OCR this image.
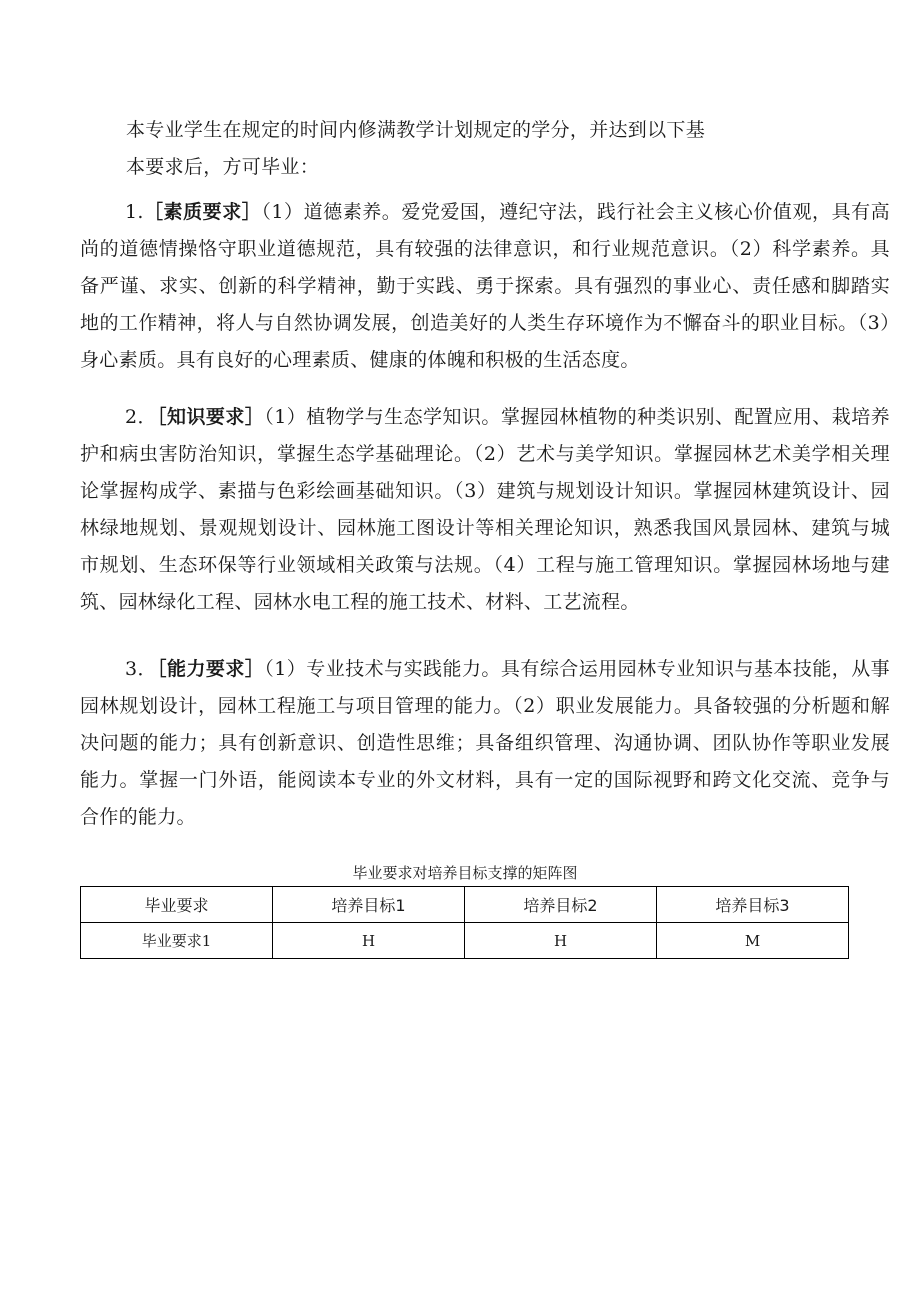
本专业学生在规定的时间内修满教学计划规定的学分，并达到以下基

本要求后，方可毕业：

1.［素质要求］（1）道德素养。爱党爱国，遵纪守法，践行社会主义核心价值观，具有高尚的道德情操恪守职业道德规范，具有较强的法律意识，和行业规范意识。（2）科学素养。具备严谨、求实、创新的科学精神，勤于实践、勇于探索。具有强烈的事业心、责任感和脚踏实地的工作精神，将人与自然协调发展，创造美好的人类生存环境作为不懈奋斗的职业目标。（3）身心素质。具有良好的心理素质、健康的体魄和积极的生活态度。

2．［知识要求］（1）植物学与生态学知识。掌握园林植物的种类识别、配置应用、栽培养护和病虫害防治知识，掌握生态学基础理论。（2）艺术与美学知识。掌握园林艺术美学相关理论掌握构成学、素描与色彩绘画基础知识。（3）建筑与规划设计知识。掌握园林建筑设计、园林绿地规划、景观规划设计、园林施工图设计等相关理论知识，熟悉我国风景园林、建筑与城市规划、生态环保等行业领域相关政策与法规。（4）工程与施工管理知识。掌握园林场地与建筑、园林绿化工程、园林水电工程的施工技术、材料、工艺流程。

3．［能力要求］（1）专业技术与实践能力。具有综合运用园林专业知识与基本技能，从事园林规划设计，园林工程施工与项目管理的能力。（2）职业发展能力。具备较强的分析题和解决问题的能力；具有创新意识、创造性思维；具备组织管理、沟通协调、团队协作等职业发展能力。掌握一门外语，能阅读本专业的外文材料，具有一定的国际视野和跨文化交流、竞争与合作的能力。

毕业要求对培养目标支撑的矩阵图
毕业要求	培养目标1	培养目标2	培养目标3
毕业要求1	H	H	M
